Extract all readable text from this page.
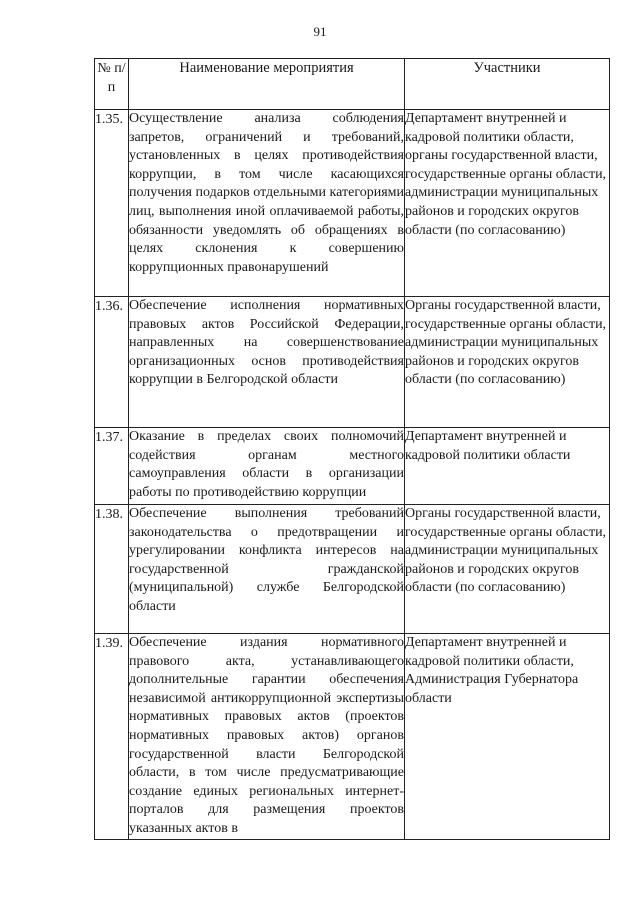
91
№ п/п	Наименование мероприятия	Участники
1.35.	Осуществление анализа соблюдения запретов, ограничений и требований, установленных в целях противодействия коррупции, в том числе касающихся получения подарков отдельными категориями лиц, выполнения иной оплачиваемой работы, обязанности уведомлять об обращениях в целях склонения к совершению коррупционных правонарушений	Департамент внутренней и кадровой политики области, органы государственной власти, государственные органы области, администрации муниципальных районов и городских округов области (по согласованию)
1.36.	Обеспечение исполнения нормативных правовых актов Российской Федерации, направленных на совершенствование организационных основ противодействия коррупции в Белгородской области	Органы государственной власти, государственные органы области, администрации муниципальных районов и городских округов области (по согласованию)
1.37.	Оказание в пределах своих полномочий содействия органам местного самоуправления области в организации работы по противодействию коррупции	Департамент внутренней и кадровой политики области
1.38.	Обеспечение выполнения требований законодательства о предотвращении и урегулировании конфликта интересов на государственной гражданской (муниципальной) службе Белгородской области	Органы государственной власти, государственные органы области, администрации муниципальных районов и городских округов области (по согласованию)
1.39.	Обеспечение издания нормативного правового акта, устанавливающего дополнительные гарантии обеспечения независимой антикоррупционной экспертизы нормативных правовых актов (проектов нормативных правовых актов) органов государственной власти Белгородской области, в том числе предусматривающие создание единых региональных интернет-порталов для размещения проектов указанных актов в	Департамент внутренней и кадровой политики области, Администрация Губернатора области
